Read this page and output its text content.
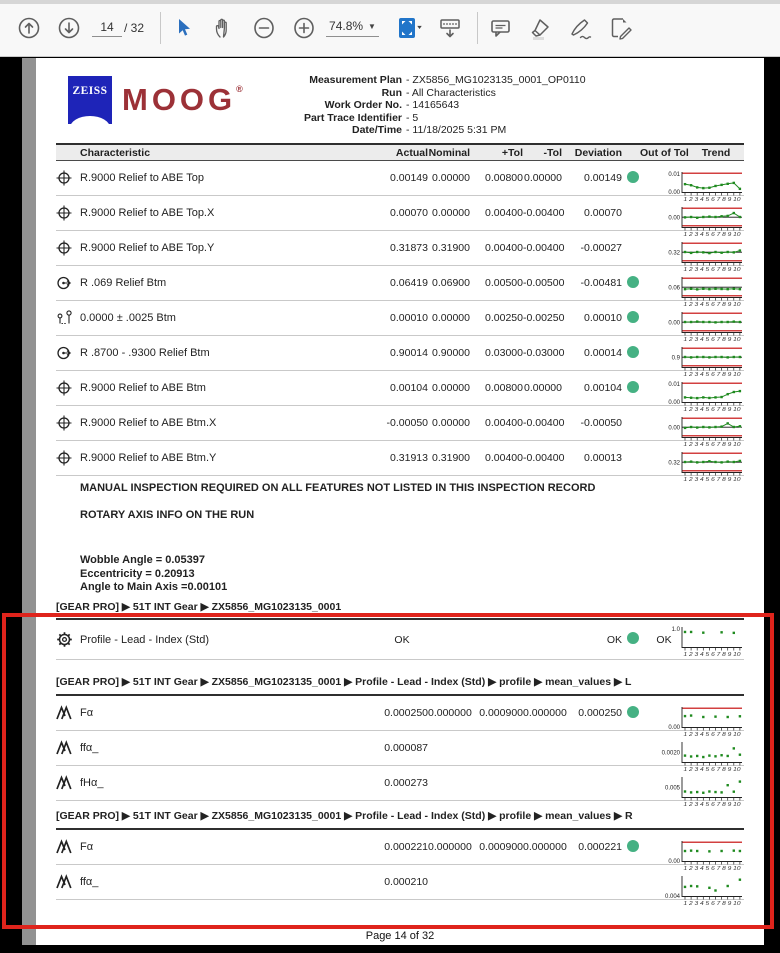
14 / 32	74.8% ▼
ZEISS MOOG®
Measurement Plan - ZX5856_MG1023135_0001_OP0110
Run - All Characteristics
Work Order No. - 14165643
Part Trace Identifier - 5
Date/Time - 11/18/2025 5:31 PM
Characteristic	Actual Nominal	+Tol	-Tol	Deviation Out of Tol	Trend
R.9000 Relief to ABE Top	0.00149 0.00000	0.00800 0.00000	0.00149	0.01
0.00
1 2 3 4 5 6 7 8 9 10
R.9000 Relief to ABE Top.X	0.00070 0.00000	0.00400 -0.00400	0.00070	0.00
1 2 3 4 5 6 7 8 9 10
R.9000 Relief to ABE Top.Y	0.31873 0.31900	0.00400 -0.00400	-0.00027	0.32
1 2 3 4 5 6 7 8 9 10
R .069 Relief Btm	0.06419 0.06900	0.00500 -0.00500	-0.00481	0.06
1 2 3 4 5 6 7 8 9 10
0.0000 ± .0025 Btm	0.00010 0.00000	0.00250 -0.00250	0.00010	0.00
1 2 3 4 5 6 7 8 9 10
R .8700 - .9300 Relief Btm	0.90014 0.90000	0.03000 -0.03000	0.00014	0.9
1 2 3 4 5 6 7 8 9 10
R.9000 Relief to ABE Btm	0.00104 0.00000	0.00800 0.00000	0.00104	0.01
0.00
1 2 3 4 5 6 7 8 9 10
R.9000 Relief to ABE Btm.X	-0.00050 0.00000	0.00400 -0.00400	-0.00050	0.00
1 2 3 4 5 6 7 8 9 10
R.9000 Relief to ABE Btm.Y	0.31913 0.31900	0.00400 -0.00400	0.00013	0.32
1 2 3 4 5 6 7 8 9 10
MANUAL INSPECTION REQUIRED ON ALL FEATURES NOT LISTED IN THIS INSPECTION RECORD
ROTARY AXIS INFO ON THE RUN
Wobble Angle = 0.05397
Eccentricity = 0.20913
Angle to Main Axis =0.00101
[GEAR PRO] ▶ 51T INT Gear ▶ ZX5856_MG1023135_0001
Profile - Lead - Index (Std)	OK	OK	OK
1.0
1 2 3 4 5 6 7 8 9 10
[GEAR PRO] ▶ 51T INT Gear ▶ ZX5856_MG1023135_0001 ▶ Profile - Lead - Index (Std) ▶ profile ▶ mean_values ▶ L
Fα	0.000250 0.000000 0.000900 0.000000	0.000250
0.00
1 2 3 4 5 6 7 8 9 10
ffα_	0.000087	0.0020
1 2 3 4 5 6 7 8 9 10
fHα_	0.000273	0.005
1 2 3 4 5 6 7 8 9 10
[GEAR PRO] ▶ 51T INT Gear ▶ ZX5856_MG1023135_0001 ▶ Profile - Lead - Index (Std) ▶ profile ▶ mean_values ▶ R
Fα	0.000221 0.000000 0.000900 0.000000	0.000221
0.00
1 2 3 4 5 6 7 8 9 10
ffα_	0.000210
0.004
1 2 3 4 5 6 7 8 9 10
Page 14 of 32
